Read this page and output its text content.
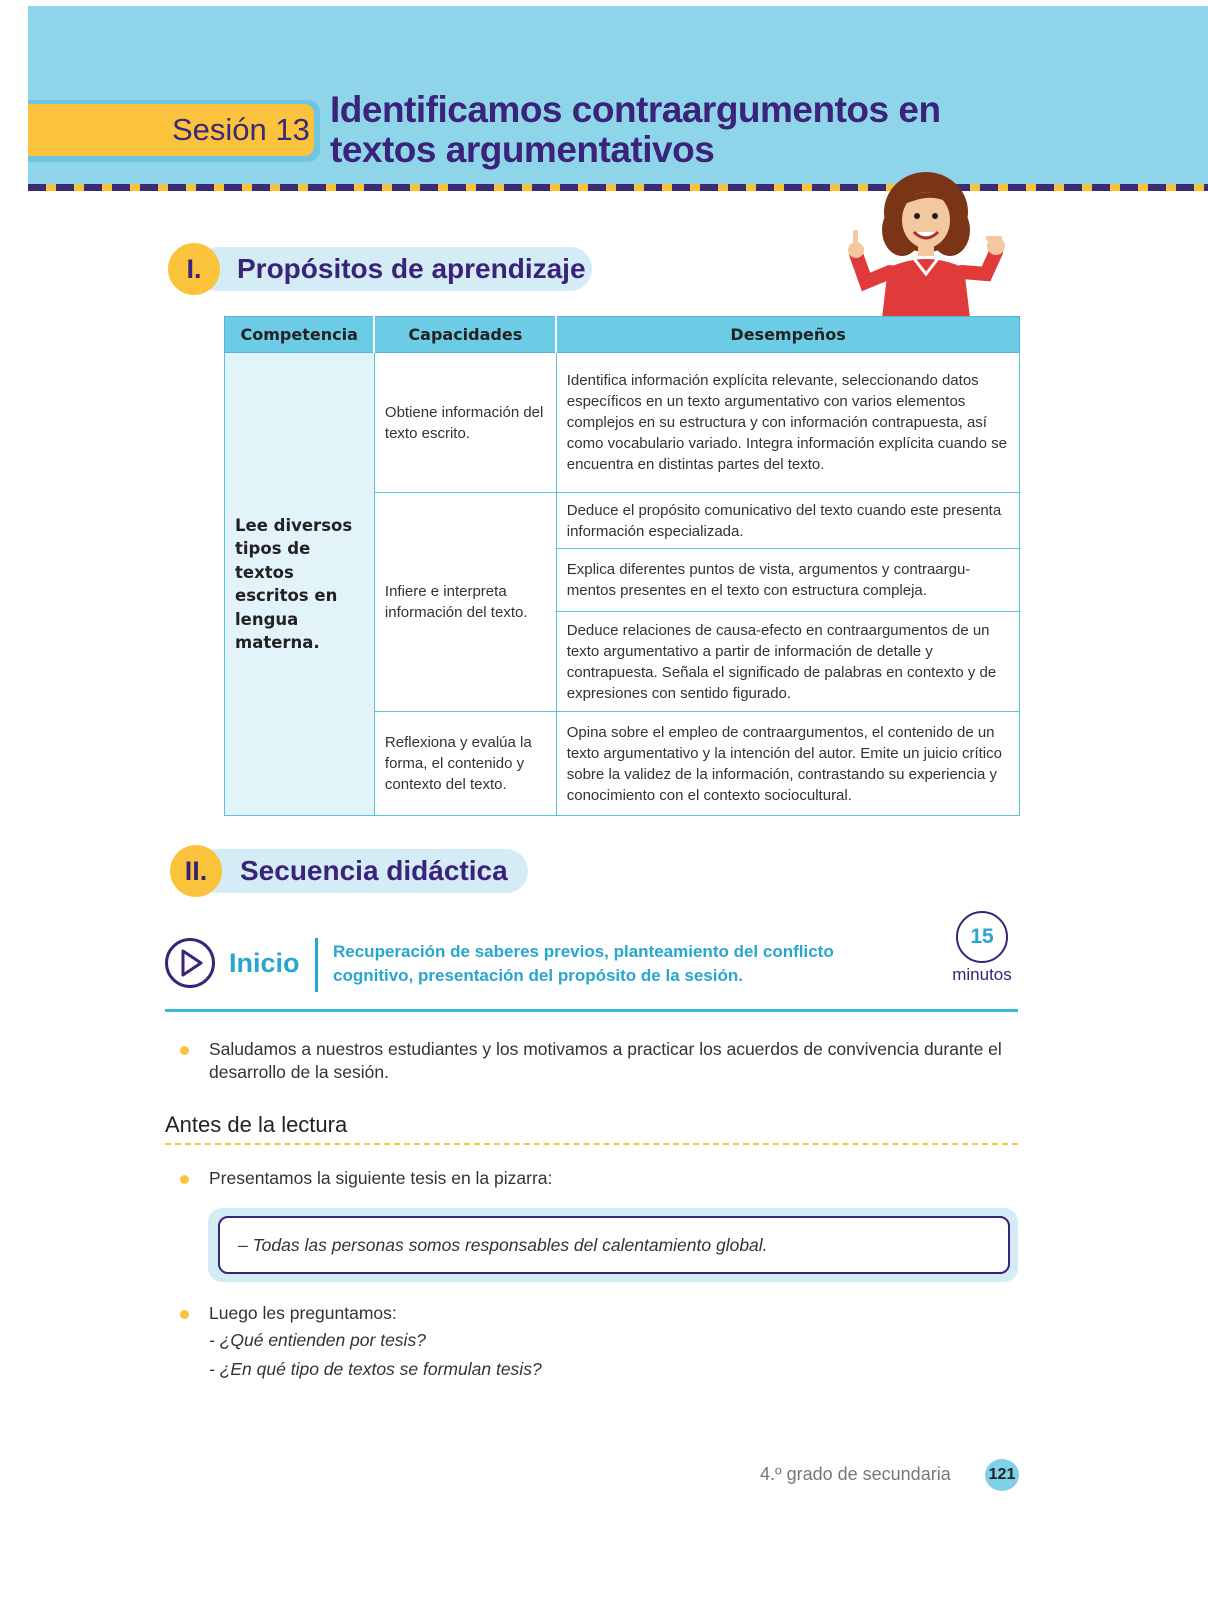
Sesión 13 Identificamos contraargumentos en
textos argumentativos
I.	Propósitos de aprendizaje
Competencia	Capacidades	Desempeños
Lee diversos tipos de textos escritos en lengua materna.	Obtiene información del texto escrito.	Identifica información explícita relevante, seleccionando datos específicos en un texto argumentativo con varios elementos complejos en su estructura y con información contrapuesta, así como vocabulario variado. Integra información explícita cuando se encuentra en distintas partes del texto.
	Infiere e interpreta información del texto.	Deduce el propósito comunicativo del texto cuando este presenta información especializada.
		Explica diferentes puntos de vista, argumentos y contraargu-mentos presentes en el texto con estructura compleja.
		Deduce relaciones de causa-efecto en contraargumentos de un texto argumentativo a partir de información de detalle y contrapuesta. Señala el significado de palabras en contexto y de expresiones con sentido figurado.
	Reflexiona y evalúa la forma, el contenido y contexto del texto.	Opina sobre el empleo de contraargumentos, el contenido de un texto argumentativo y la intención del autor. Emite un juicio crítico sobre la validez de la información, contrastando su experiencia y conocimiento con el contexto sociocultural.
II.	Secuencia didáctica
Inicio Recuperación de saberes previos, planteamiento del conflicto cognitivo, presentación del propósito de la sesión.
15
minutos
Saludamos a nuestros estudiantes y los motivamos a practicar los acuerdos de convivencia durante el desarrollo de la sesión.
Antes de la lectura
Presentamos la siguiente tesis en la pizarra:
– Todas las personas somos responsables del calentamiento global.
Luego les preguntamos:
- ¿Qué entienden por tesis?
- ¿En qué tipo de textos se formulan tesis?
4.º grado de secundaria 121
